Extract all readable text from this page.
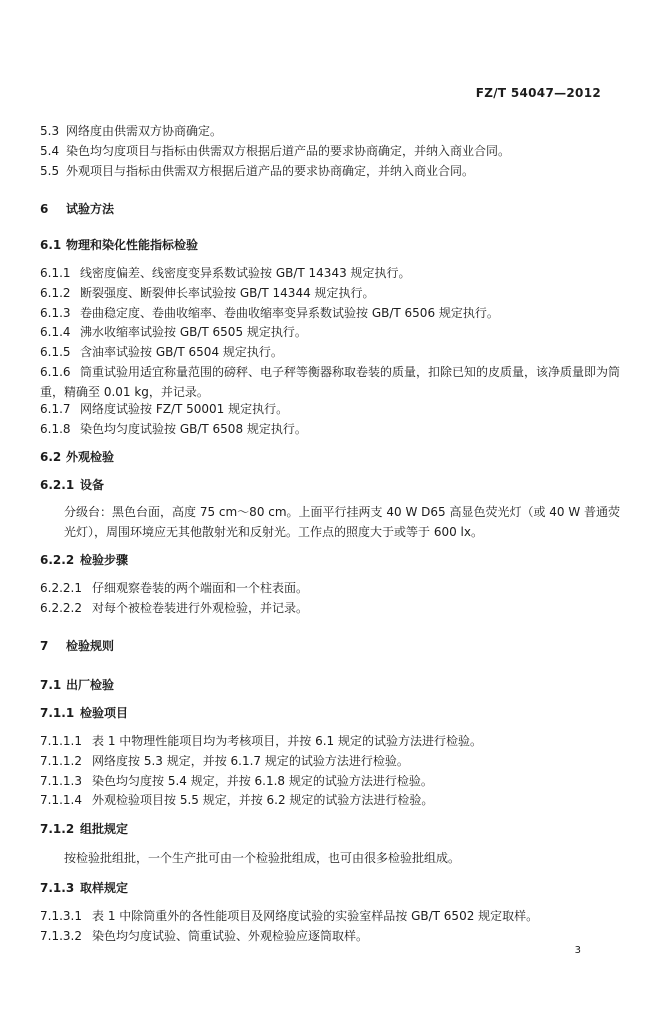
FZ/T 54047—2012
5.3 网络度由供需双方协商确定。
5.4 染色均匀度项目与指标由供需双方根据后道产品的要求协商确定，并纳入商业合同。
5.5 外观项目与指标由供需双方根据后道产品的要求协商确定，并纳入商业合同。
6 试验方法
6.1 物理和染化性能指标检验
6.1.1 线密度偏差、线密度变异系数试验按 GB/T 14343 规定执行。
6.1.2 断裂强度、断裂伸长率试验按 GB/T 14344 规定执行。
6.1.3 卷曲稳定度、卷曲收缩率、卷曲收缩率变异系数试验按 GB/T 6506 规定执行。
6.1.4 沸水收缩率试验按 GB/T 6505 规定执行。
6.1.5 含油率试验按 GB/T 6504 规定执行。
6.1.6 筒重试验用适宜称量范围的磅秤、电子秤等衡器称取卷装的质量，扣除已知的皮质量，该净质量即为筒重，精确至 0.01 kg，并记录。
6.1.7 网络度试验按 FZ/T 50001 规定执行。
6.1.8 染色均匀度试验按 GB/T 6508 规定执行。
6.2 外观检验
6.2.1 设备
分级台：黑色台面，高度 75 cm～80 cm。上面平行挂两支 40 W D65 高显色荧光灯（或 40 W 普通荧光灯），周围环境应无其他散射光和反射光。工作点的照度大于或等于 600 lx。
6.2.2 检验步骤
6.2.2.1 仔细观察卷装的两个端面和一个柱表面。
6.2.2.2 对每个被检卷装进行外观检验，并记录。
7 检验规则
7.1 出厂检验
7.1.1 检验项目
7.1.1.1 表 1 中物理性能项目均为考核项目，并按 6.1 规定的试验方法进行检验。
7.1.1.2 网络度按 5.3 规定，并按 6.1.7 规定的试验方法进行检验。
7.1.1.3 染色均匀度按 5.4 规定，并按 6.1.8 规定的试验方法进行检验。
7.1.1.4 外观检验项目按 5.5 规定，并按 6.2 规定的试验方法进行检验。
7.1.2 组批规定
按检验批组批，一个生产批可由一个检验批组成，也可由很多检验批组成。
7.1.3 取样规定
7.1.3.1 表 1 中除筒重外的各性能项目及网络度试验的实验室样品按 GB/T 6502 规定取样。
7.1.3.2 染色均匀度试验、筒重试验、外观检验应逐筒取样。
3
